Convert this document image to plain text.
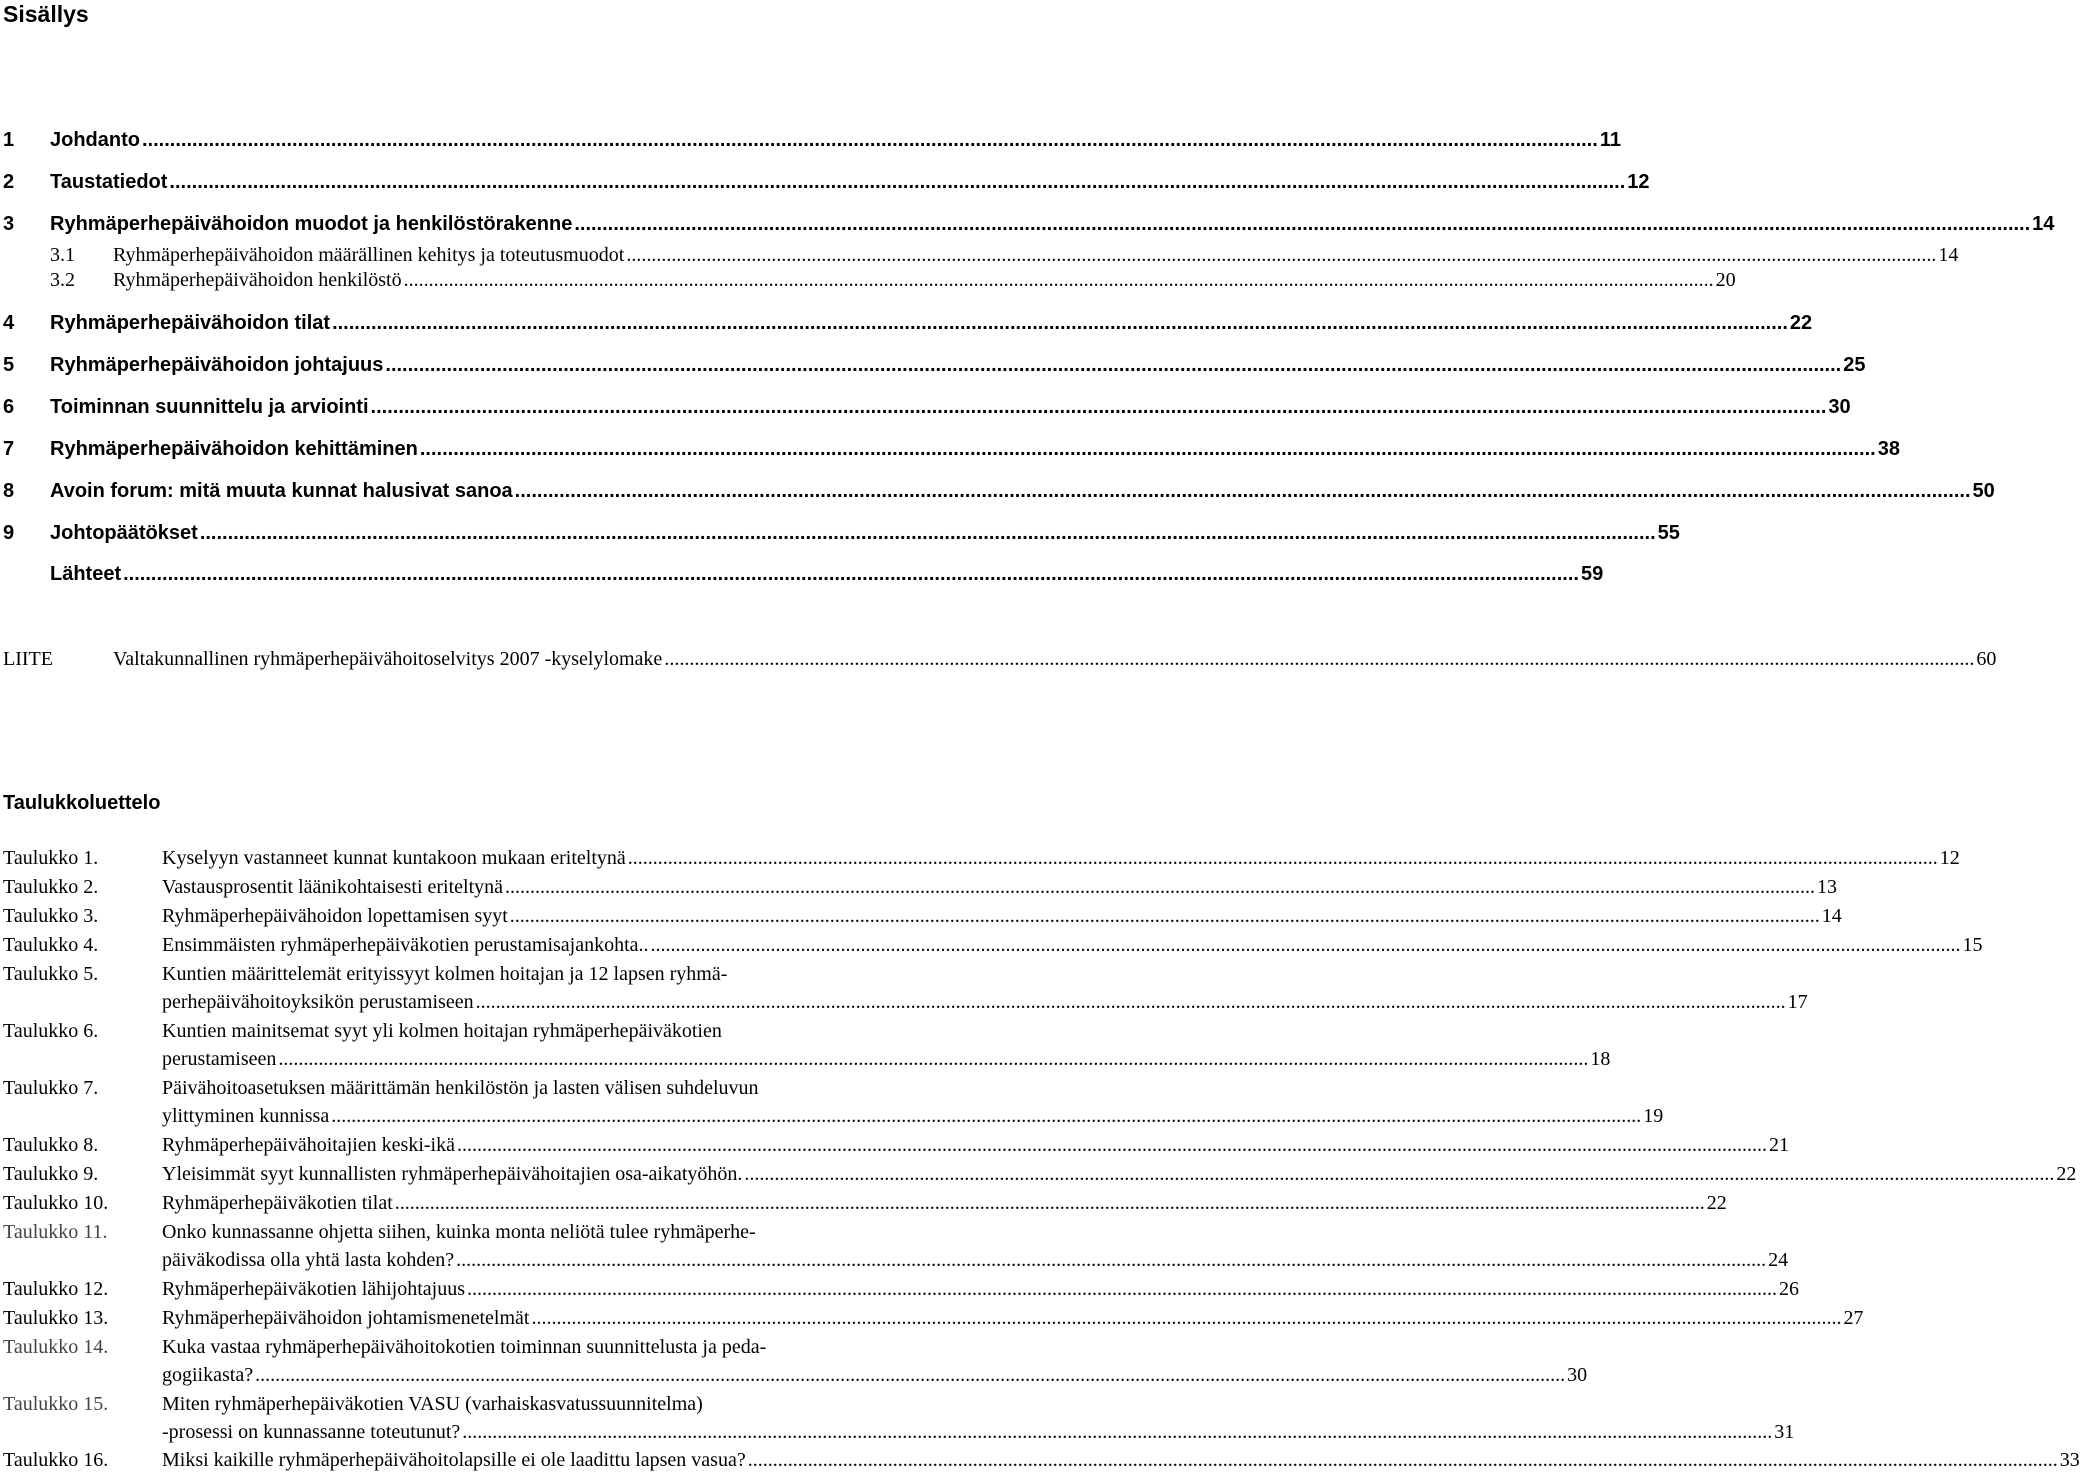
Sisällys
1	Johdanto .....	11
2	Taustatiedot .....	12
3	Ryhmäperhepäivähoidon muodot ja henkilöstörakenne .....	14
3.1	Ryhmäperhepäivähoidon määrällinen kehitys ja toteutusmuodot .....	14
3.2	Ryhmäperhepäivähoidon henkilöstö .....	20
4	Ryhmäperhepäivähoidon tilat .....	22
5	Ryhmäperhepäivähoidon johtajuus .....	25
6	Toiminnan suunnittelu ja arviointi .....	30
7	Ryhmäperhepäivähoidon kehittäminen .....	38
8	Avoin forum: mitä muuta kunnat halusivat sanoa .....	50
9	Johtopäätökset .....	55
Lähteet .....	59
LIITE	Valtakunnallinen ryhmäperhepäivähoitoselvitys 2007 -kyselylomake .....	60
Taulukkoluettelo
Taulukko 1.	Kyselyyn vastanneet kunnat kuntakoon mukaan eriteltynä .....	12
Taulukko 2.	Vastausprosentit läänikohtaisesti eriteltynä .....	13
Taulukko 3.	Ryhmäperhepäivähoidon lopettamisen syyt .....	14
Taulukko 4.	Ensimmäisten ryhmäperhepäiväkotien perustamisajankohta.. .....	15
Taulukko 5.	Kuntien määrittelemät erityissyyt kolmen hoitajan ja 12 lapsen ryhmä-
perhepäivähoitoyksikön perustamiseen .....	17
Taulukko 6.	Kuntien mainitsemat syyt yli kolmen hoitajan ryhmäperhepäiväkotien
perustamiseen .....	18
Taulukko 7.	Päivähoitoasetuksen määrittämän henkilöstön ja lasten välisen suhdeluvun
ylittyminen kunnissa .....	19
Taulukko 8.	Ryhmäperhepäivähoitajien keski-ikä .....	21
Taulukko 9.	Yleisimmät syyt kunnallisten ryhmäperhepäivähoitajien osa-aikatyöhön. .....	22
Taulukko 10.	Ryhmäperhepäiväkotien tilat .....	22
Taulukko 11.	Onko kunnassanne ohjetta siihen, kuinka monta neliötä tulee ryhmäperhe-
päiväkodissa olla yhtä lasta kohden? .....	24
Taulukko 12.	Ryhmäperhepäiväkotien lähijohtajuus .....	26
Taulukko 13.	Ryhmäperhepäivähoidon johtamismenetelmät .....	27
Taulukko 14.	Kuka vastaa ryhmäperhepäivähoitokotien toiminnan suunnittelusta ja peda-
gogiikasta? .....	30
Taulukko 15.	Miten ryhmäperhepäiväkotien VASU (varhaiskasvatussuunnitelma)
-prosessi on kunnassanne toteutunut? .....	31
Taulukko 16.	Miksi kaikille ryhmäperhepäivähoitolapsille ei ole laadittu lapsen vasua? .....	33
